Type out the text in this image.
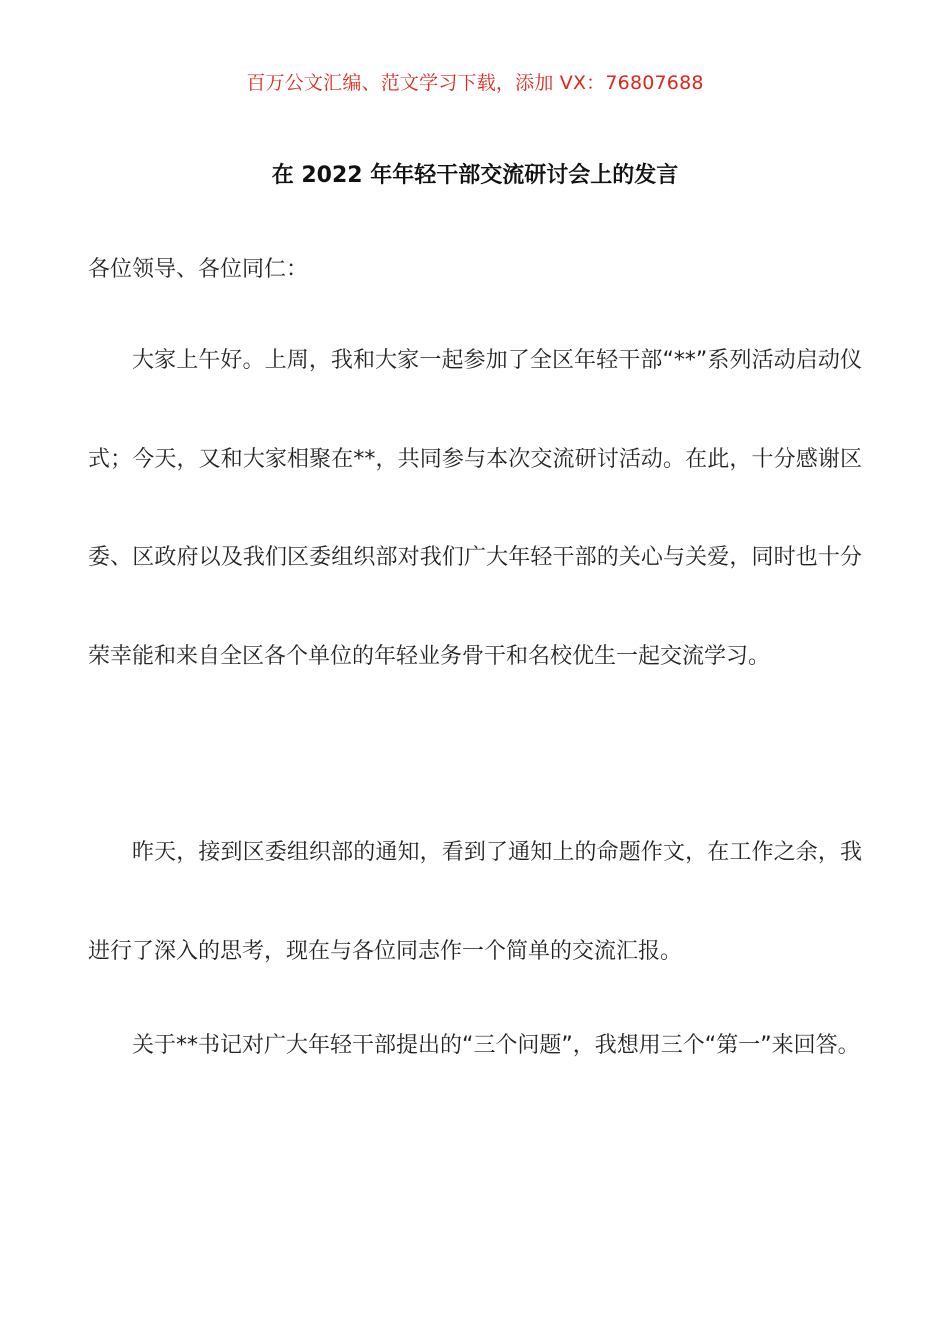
百万公文汇编、范文学习下载，添加 VX：76807688
在 2022 年年轻干部交流研讨会上的发言
各位领导、各位同仁：

大家上午好。上周，我和大家一起参加了全区年轻干部“**”系列活动启动仪式；今天，又和大家相聚在**，共同参与本次交流研讨活动。在此，十分感谢区委、区政府以及我们区委组织部对我们广大年轻干部的关心与关爱，同时也十分荣幸能和来自全区各个单位的年轻业务骨干和名校优生一起交流学习。

昨天，接到区委组织部的通知，看到了通知上的命题作文，在工作之余，我进行了深入的思考，现在与各位同志作一个简单的交流汇报。

关于**书记对广大年轻干部提出的“三个问题”，我想用三个“第一”来回答。
